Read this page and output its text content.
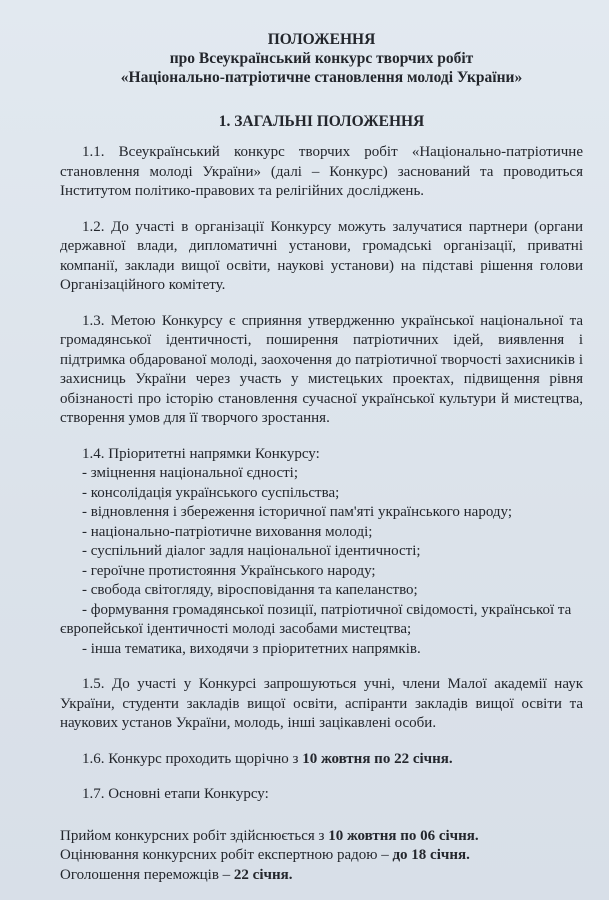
ПОЛОЖЕННЯ
про Всеукраїнський конкурс творчих робіт
«Національно-патріотичне становлення молоді України»
1. ЗАГАЛЬНІ ПОЛОЖЕННЯ

1.1. Всеукраїнський конкурс творчих робіт «Національно-патріотичне становлення молоді України» (далі – Конкурс) заснований та проводиться Інститутом політико-правових та релігійних досліджень.

1.2. До участі в організації Конкурсу можуть залучатися партнери (органи державної влади, дипломатичні установи, громадські організації, приватні компанії, заклади вищої освіти, наукові установи) на підставі рішення голови Організаційного комітету.

1.3. Метою Конкурсу є сприяння утвердженню української національної та громадянської ідентичності, поширення патріотичних ідей, виявлення і підтримка обдарованої молоді, заохочення до патріотичної творчості захисників і захисниць України через участь у мистецьких проектах, підвищення рівня обізнаності про історію становлення сучасної української культури й мистецтва, створення умов для її творчого зростання.

1.4. Пріоритетні напрямки Конкурсу:

- зміцнення національної єдності;
- консолідація українського суспільства;
- відновлення і збереження історичної пам'яті українського народу;
- національно-патріотичне виховання молоді;
- суспільний діалог задля національної ідентичності;
- героїчне протистояння Українського народу;
- свобода світогляду, віросповідання та капеланство;
- формування громадянської позиції, патріотичної свідомості, української та європейської ідентичності молоді засобами мистецтва;
- інша тематика, виходячи з пріоритетних напрямків.

1.5. До участі у Конкурсі запрошуються учні, члени Малої академії наук України, студенти закладів вищої освіти, аспіранти закладів вищої освіти та наукових установ України, молодь, інші зацікавлені особи.

1.6. Конкурс проходить щорічно з 10 жовтня по 22 січня.

1.7. Основні етапи Конкурсу:

Прийом конкурсних робіт здійснюється з 10 жовтня по 06 січня.

Оцінювання конкурсних робіт експертною радою – до 18 січня.

Оголошення переможців – 22 січня.
